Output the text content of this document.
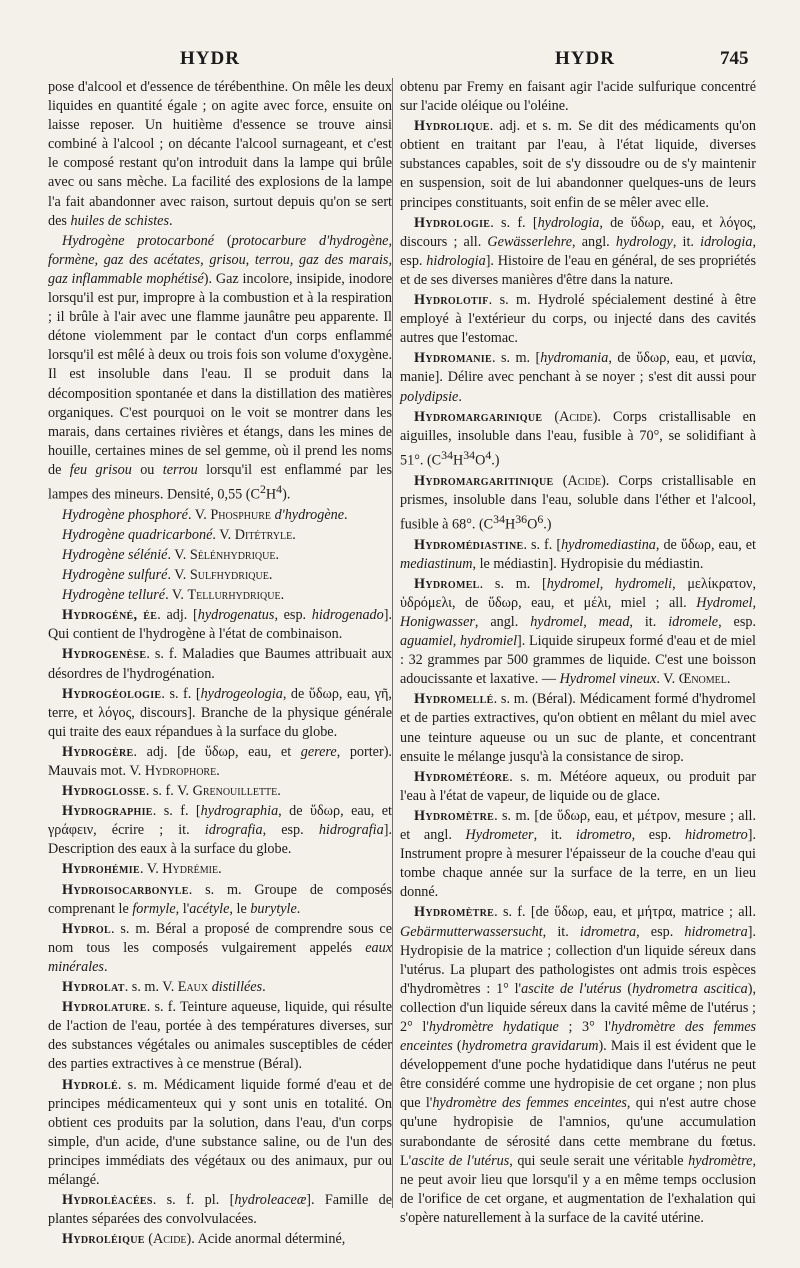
HYDR	HYDR	745

pose d'alcool et d'essence de térébenthine. On mêle les deux liquides en quantité égale ; on agite avec force, ensuite on laisse reposer. Un huitième d'essence se trouve ainsi combiné à l'alcool ; on décante l'alcool surnageant, et c'est le composé restant qu'on introduit dans la lampe qui brûle avec ou sans mèche. La facilité des explosions de la lampe l'a fait abandonner avec raison, surtout depuis qu'on se sert des huiles de schistes.

Hydrogène protocarboné (protocarbure d'hydrogène, formène, gaz des acétates, grisou, terrou, gaz des marais, gaz inflammable mophétisé). Gaz incolore, insipide, inodore lorsqu'il est pur, impropre à la combustion et à la respiration ; il brûle à l'air avec une flamme jaunâtre peu apparente. Il détone violemment par le contact d'un corps enflammé lorsqu'il est mêlé à deux ou trois fois son volume d'oxygène. Il est insoluble dans l'eau. Il se produit dans la décomposition spontanée et dans la distillation des matières organiques. C'est pourquoi on le voit se montrer dans les marais, dans certaines rivières et étangs, dans les mines de houille, certaines mines de sel gemme, où il prend les noms de feu grisou ou terrou lorsqu'il est enflammé par les lampes des mineurs. Densité, 0,55 $(C^2H^4)$.

Hydrogène phosphoré. V. Phosphure d'hydrogène.

Hydrogène quadricarboné. V. Ditétryle.

Hydrogène sélénié. V. Sélénhydrique.

Hydrogène sulfuré. V. Sulfhydrique.

Hydrogène telluré. V. Tellurhydrique.

Hydrogéné, ée. adj. [hydrogenatus, esp. hidrogenado]. Qui contient de l'hydrogène à l'état de combinaison.

Hydrogenèse. s. f. Maladies que Baumes attribuait aux désordres de l'hydrogénation.

Hydrogéologie. s. f. [hydrogeologia, de ὕδωρ, eau, γῆ, terre, et λόγος, discours]. Branche de la physique générale qui traite des eaux répandues à la surface du globe.

Hydrogère. adj. [de ὕδωρ, eau, et gerere, porter). Mauvais mot. V. Hydrophore.

Hydroglosse. s. f. V. Grenouillette.

Hydrographie. s. f. [hydrographia, de ὕδωρ, eau, et γράφειν, écrire ; it. idrografia, esp. hidrografia]. Description des eaux à la surface du globe.

Hydrohémie. V. Hydrémie.

Hydroisocarbonyle. s. m. Groupe de composés comprenant le formyle, l'acétyle, le burytyle.

Hydrol. s. m. Béral a proposé de comprendre sous ce nom tous les composés vulgairement appelés eaux minérales.

Hydrolat. s. m. V. Eaux distillées.

Hydrolature. s. f. Teinture aqueuse, liquide, qui résulte de l'action de l'eau, portée à des températures diverses, sur des substances végétales ou animales susceptibles de céder des parties extractives à ce menstrue (Béral).

Hydrolé. s. m. Médicament liquide formé d'eau et de principes médicamenteux qui y sont unis en totalité. On obtient ces produits par la solution, dans l'eau, d'un corps simple, d'un acide, d'une substance saline, ou de l'un des principes immédiats des végétaux ou des animaux, pur ou mélangé.

Hydroléacées. s. f. pl. [hydroleaceæ]. Famille de plantes séparées des convolvulacées.

Hydroléique (Acide). Acide anormal déterminé,

obtenu par Fremy en faisant agir l'acide sulfurique concentré sur l'acide oléique ou l'oléine.

Hydrolique. adj. et s. m. Se dit des médicaments qu'on obtient en traitant par l'eau, à l'état liquide, diverses substances capables, soit de s'y dissoudre ou de s'y maintenir en suspension, soit de lui abandonner quelques-uns de leurs principes constituants, soit enfin de se mêler avec elle.

Hydrologie. s. f. [hydrologia, de ὕδωρ, eau, et λόγος, discours ; all. Gewässerlehre, angl. hydrology, it. idrologia, esp. hidrologia]. Histoire de l'eau en général, de ses propriétés et de ses diverses manières d'être dans la nature.

Hydrolotif. s. m. Hydrolé spécialement destiné à être employé à l'extérieur du corps, ou injecté dans des cavités autres que l'estomac.

Hydromanie. s. m. [hydromania, de ὕδωρ, eau, et μανία, manie]. Délire avec penchant à se noyer ; s'est dit aussi pour polydipsie.

Hydromargarinique (Acide). Corps cristallisable en aiguilles, insoluble dans l'eau, fusible à 70°, se solidifiant à 51°. $(C^{34}H^{34}O^4.)$

Hydromargaritinique (Acide). Corps cristallisable en prismes, insoluble dans l'eau, soluble dans l'éther et l'alcool, fusible à 68°. $(C^{34}H^{36}O^6.)$

Hydromédiastine. s. f. [hydromediastina, de ὕδωρ, eau, et mediastinum, le médiastin]. Hydropisie du médiastin.

Hydromel. s. m. [hydromel, hydromeli, μελίκρατον, ὑδρόμελι, de ὕδωρ, eau, et μέλι, miel ; all. Hydromel, Honigwasser, angl. hydromel, mead, it. idromele, esp. aguamiel, hydromiel]. Liquide sirupeux formé d'eau et de miel : 32 grammes par 500 grammes de liquide. C'est une boisson adoucissante et laxative. — Hydromel vineux. V. Œnomel.

Hydromellé. s. m. (Béral). Médicament formé d'hydromel et de parties extractives, qu'on obtient en mêlant du miel avec une teinture aqueuse ou un suc de plante, et concentrant ensuite le mélange jusqu'à la consistance de sirop.

Hydrométéore. s. m. Météore aqueux, ou produit par l'eau à l'état de vapeur, de liquide ou de glace.

Hydromètre. s. m. [de ὕδωρ, eau, et μέτρον, mesure ; all. et angl. Hydrometer, it. idrometro, esp. hidrometro]. Instrument propre à mesurer l'épaisseur de la couche d'eau qui tombe chaque année sur la surface de la terre, en un lieu donné.

Hydromètre. s. f. [de ὕδωρ, eau, et μήτρα, matrice ; all. Gebärmutterwassersucht, it. idrometra, esp. hidrometra]. Hydropisie de la matrice ; collection d'un liquide séreux dans l'utérus. La plupart des pathologistes ont admis trois espèces d'hydromètres : 1° l'ascite de l'utérus (hydrometra ascitica), collection d'un liquide séreux dans la cavité même de l'utérus ; 2° l'hydromètre hydatique ; 3° l'hydromètre des femmes enceintes (hydrometra gravidarum). Mais il est évident que le développement d'une poche hydatidique dans l'utérus ne peut être considéré comme une hydropisie de cet organe ; non plus que l'hydromètre des femmes enceintes, qui n'est autre chose qu'une hydropisie de l'amnios, qu'une accumulation surabondante de sérosité dans cette membrane du fœtus. L'ascite de l'utérus, qui seule serait une véritable hydromètre, ne peut avoir lieu que lorsqu'il y a en même temps occlusion de l'orifice de cet organe, et augmentation de l'exhalation qui s'opère naturellement à la surface de la cavité utérine.
